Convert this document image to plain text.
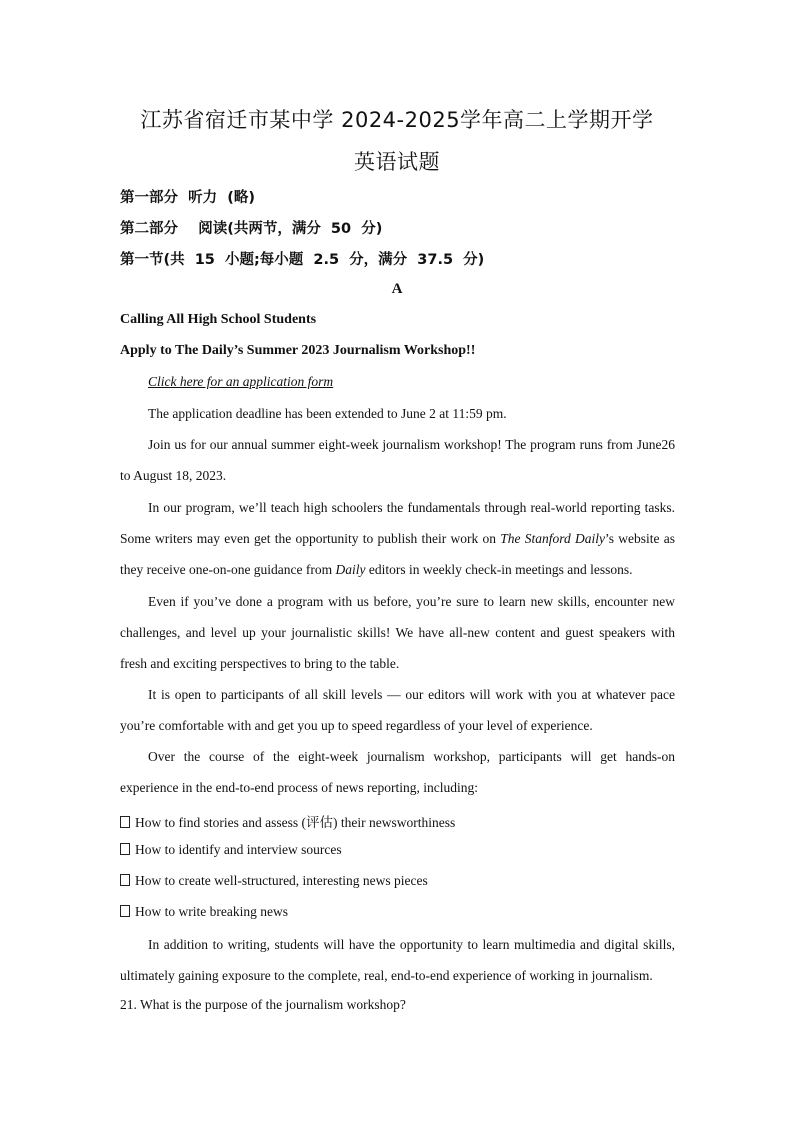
江苏省宿迁市某中学 2024-2025学年高二上学期开学
英语试题
第一部分  听力  (略)
第二部分    阅读(共两节，满分  50  分)
第一节(共  15  小题;每小题  2.5  分，满分  37.5  分)
A
Calling All High School Students
Apply to The Daily’s Summer 2023 Journalism Workshop!!
Click here for an application form

The application deadline has been extended to June 2 at 11:59 pm.

Join us for our annual summer eight-week journalism workshop! The program runs from June26 to August 18, 2023.

In our program, we’ll teach high schoolers the fundamentals through real-world reporting tasks. Some writers may even get the opportunity to publish their work on The Stanford Daily’s website as they receive one-on-one guidance from Daily editors in weekly check-in meetings and lessons.

Even if you’ve done a program with us before, you’re sure to learn new skills, encounter new challenges, and level up your journalistic skills! We have all-new content and guest speakers with fresh and exciting perspectives to bring to the table.

It is open to participants of all skill levels — our editors will work with you at whatever pace you’re comfortable with and get you up to speed regardless of your level of experience.

Over the course of the eight-week journalism workshop, participants will get hands-on experience in the end-to-end process of news reporting, including:

How to find stories and assess (评估) their newsworthiness
How to identify and interview sources
How to create well-structured, interesting news pieces
How to write breaking news

In addition to writing, students will have the opportunity to learn multimedia and digital skills, ultimately gaining exposure to the complete, real, end-to-end experience of working in journalism.

21. What is the purpose of the journalism workshop?
